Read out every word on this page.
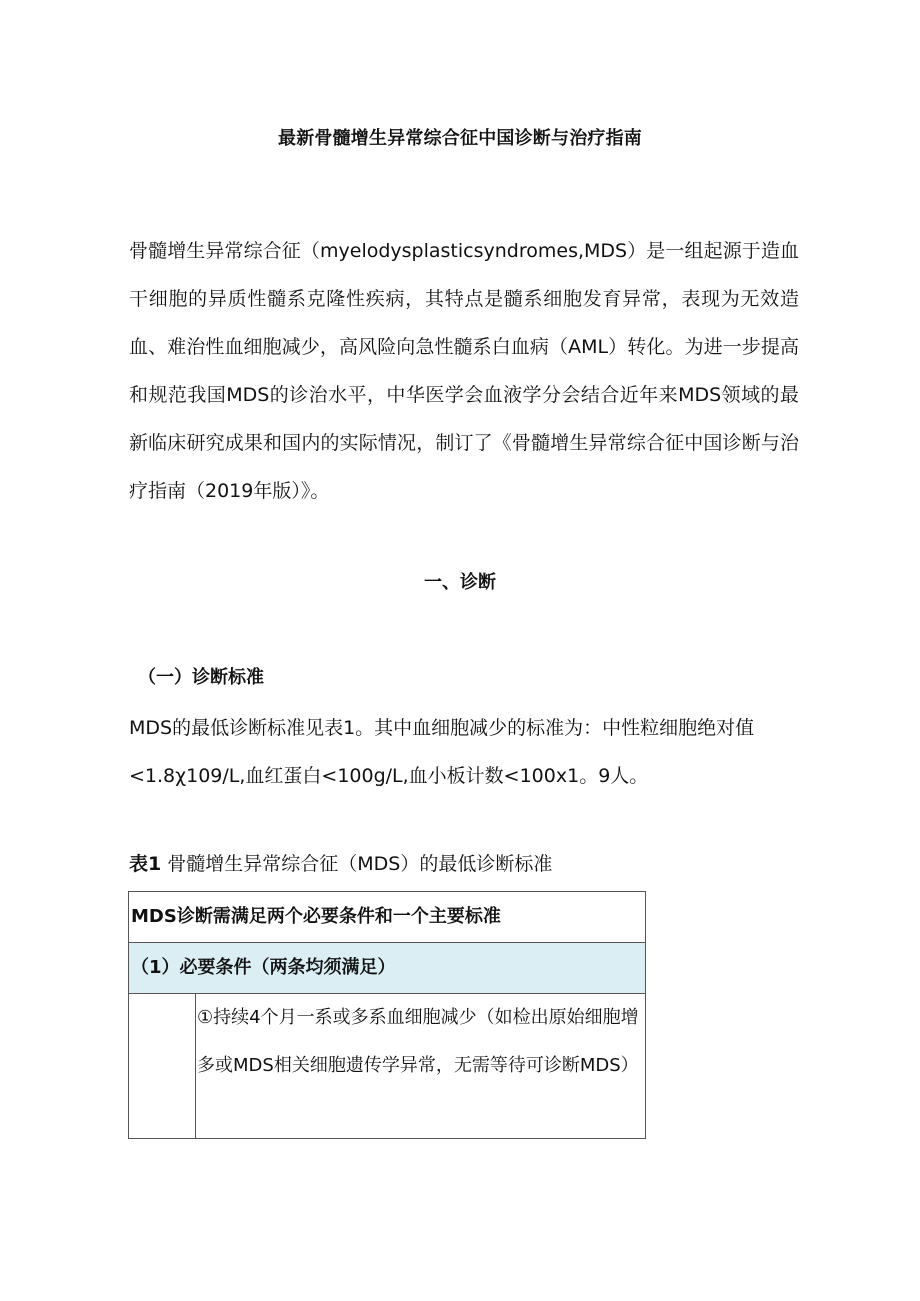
最新骨髓增生异常综合征中国诊断与治疗指南
骨髓增生异常综合征（myelodysplasticsyndromes,MDS）是一组起源于造血干细胞的异质性髓系克隆性疾病，其特点是髓系细胞发育异常，表现为无效造血、难治性血细胞减少，高风险向急性髓系白血病（AML）转化。为进一步提高和规范我国MDS的诊治水平，中华医学会血液学分会结合近年来MDS领域的最新临床研究成果和国内的实际情况，制订了《骨髓增生异常综合征中国诊断与治疗指南（2019年版）》。
一、诊断
（一）诊断标准
MDS的最低诊断标准见表1。其中血细胞减少的标准为：中性粒细胞绝对值<1.8χ109/L,血红蛋白<100g/L,血小板计数<100x1。9人。
表1 骨髓增生异常综合征（MDS）的最低诊断标准
MDS诊断需满足两个必要条件和一个主要标准
（1）必要条件（两条均须满足）

①持续4个月一系或多系血细胞减少（如检出原始细胞增多或MDS相关细胞遗传学异常，无需等待可诊断MDS）
